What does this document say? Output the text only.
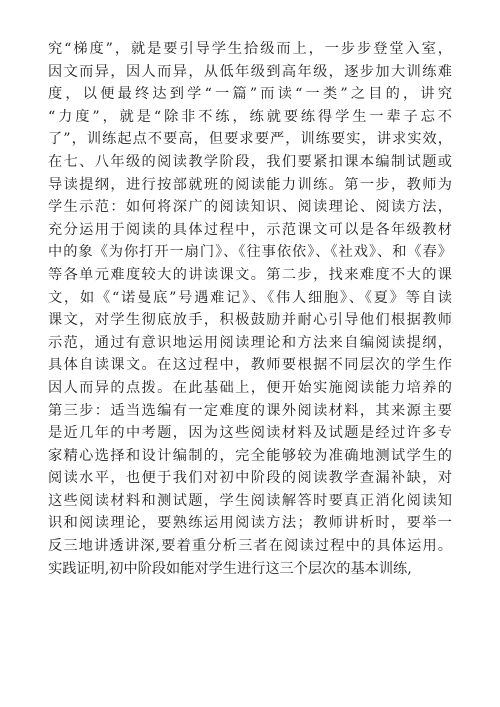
究“梯度”，就是要引导学生拾级而上，一步步登堂入室，
因文而异，因人而异，从低年级到高年级，逐步加大训练难
度，以便最终达到学“一篇”而读“一类”之目的，讲究
“力度”，就是“除非不练，练就要练得学生一辈子忘不
了”，训练起点不要高，但要求要严，训练要实，讲求实效，
在七、八年级的阅读教学阶段，我们要紧扣课本编制试题或
导读提纲，进行按部就班的阅读能力训练。第一步，教师为
学生示范：如何将深广的阅读知识、阅读理论、阅读方法，
充分运用于阅读的具体过程中，示范课文可以是各年级教材
中的象《为你打开一扇门》、《往事依依》、《社戏》、和《春》
等各单元难度较大的讲读课文。第二步，找来难度不大的课
文，如《“诺曼底”号遇难记》、《伟人细胞》、《夏》等自读
课文，对学生彻底放手，积极鼓励并耐心引导他们根据教师
示范，通过有意识地运用阅读理论和方法来自编阅读提纲，
具体自读课文。在这过程中，教师要根据不同层次的学生作
因人而异的点拨。在此基础上，便开始实施阅读能力培养的
第三步：适当选编有一定难度的课外阅读材料，其来源主要
是近几年的中考题，因为这些阅读材料及试题是经过许多专
家精心选择和设计编制的，完全能够较为准确地测试学生的
阅读水平，也便于我们对初中阶段的阅读教学查漏补缺，对
这些阅读材料和测试题，学生阅读解答时要真正消化阅读知
识和阅读理论，要熟练运用阅读方法；教师讲析时，要举一
反三地讲透讲深,要着重分析三者在阅读过程中的具体运用。
实践证明,初中阶段如能对学生进行这三个层次的基本训练,
